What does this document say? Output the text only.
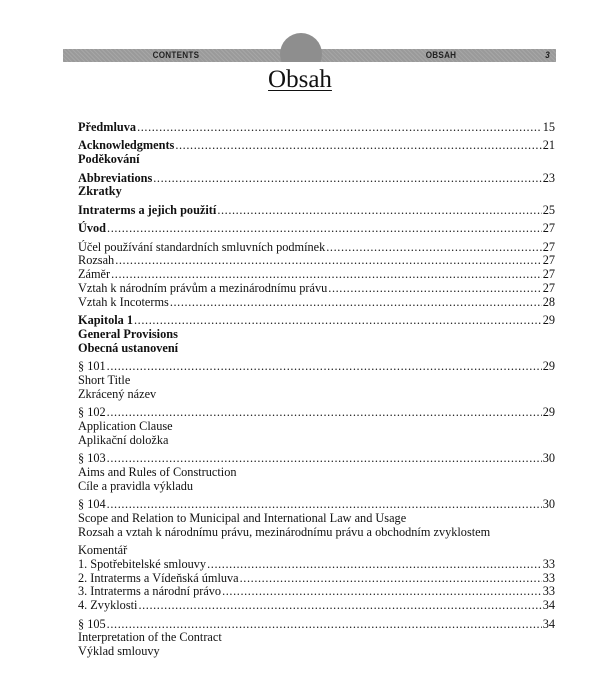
CONTENTS	OBSAH	3
Obsah
Předmluva .....	15
Acknowledgments .....	21
Poděkování
Abbreviations .....	23
Zkratky
Intraterms a jejich použití .....	25
Úvod .....	27
Účel používání standardních smluvních podmínek .....	27
Rozsah .....	27
Záměr .....	27
Vztah k národním právům a mezinárodnímu právu .....	27
Vztah k Incoterms .....	28
Kapitola 1 .....	29
General Provisions
Obecná ustanovení
§ 101 .....	29
Short Title
Zkrácený název
§ 102 .....	29
Application Clause
Aplikační doložka
§ 103 .....	30
Aims and Rules of Construction
Cíle a pravidla výkladu
§ 104 .....	30
Scope and Relation to Municipal and International Law and Usage
Rozsah a vztah k národnímu právu, mezinárodnímu právu a obchodním zvyklostem
Komentář
1. Spotřebitelské smlouvy .....	33
2. Intraterms a Vídeňská úmluva .....	33
3. Intraterms a národní právo .....	33
4. Zvyklosti .....	34
§ 105 .....	34
Interpretation of the Contract
Výklad smlouvy
